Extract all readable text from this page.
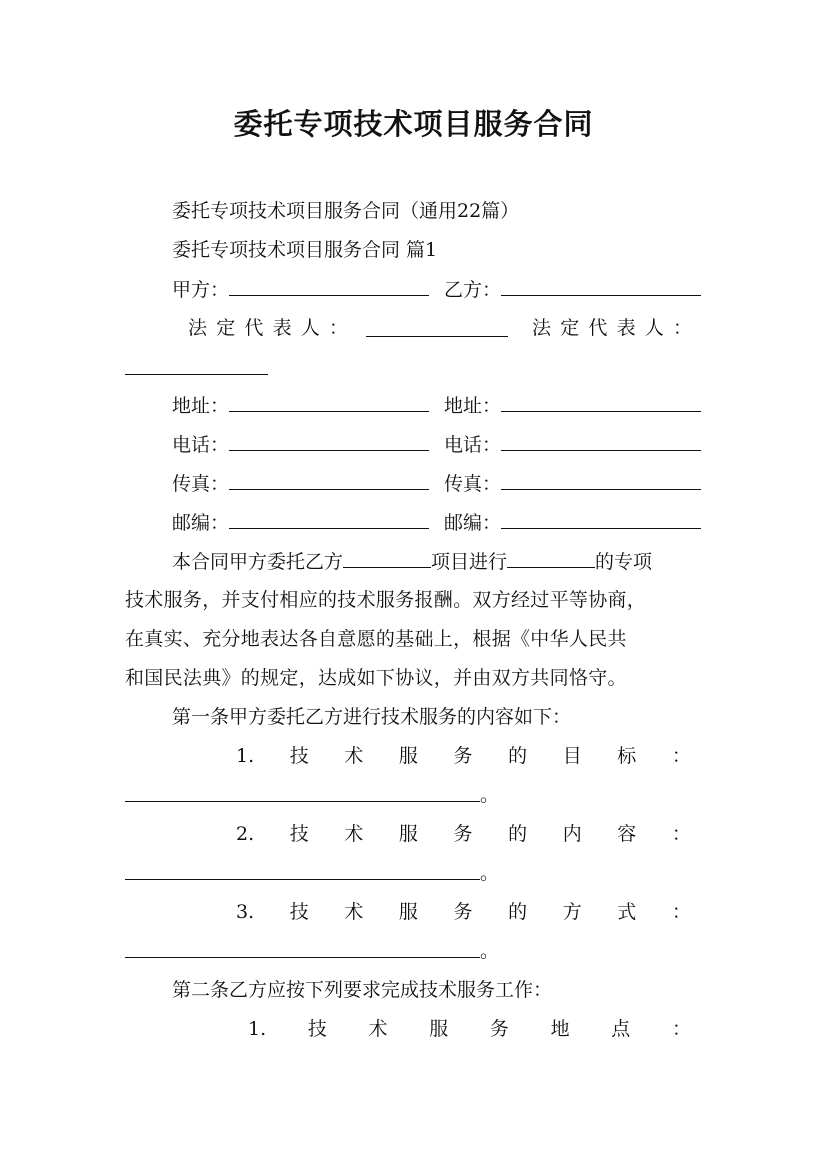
委托专项技术项目服务合同
委托专项技术项目服务合同（通用22篇）
委托专项技术项目服务合同 篇1
甲方：	乙方：
法 定 代 表 人 ：	法 定 代 表 人 ：
地址：	地址：
电话：	电话：
传真：	传真：
邮编：	邮编：
本合同甲方委托乙方	项目进行	的专项
技术服务，并支付相应的技术服务报酬。双方经过平等协商，
在真实、充分地表达各自意愿的基础上，根据《中华人民共
和国民法典》的规定，达成如下协议，并由双方共同恪守。
第一条甲方委托乙方进行技术服务的内容如下：
1. 技 术 服 务 的 目 标 ：
。
2. 技 术 服 务 的 内 容 ：
。
3. 技 术 服 务 的 方 式 ：
。
第二条乙方应按下列要求完成技术服务工作：
1. 技 术 服 务 地 点 ：
